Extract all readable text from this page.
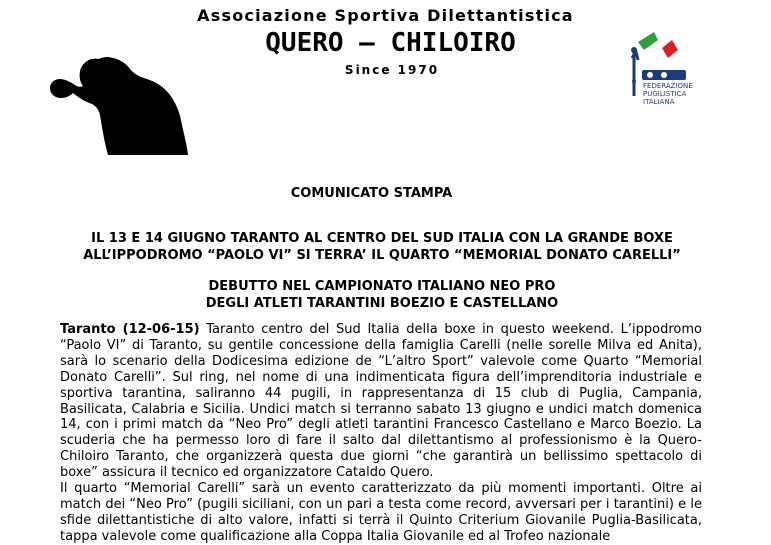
Associazione Sportiva Dilettantistica
QUERO – CHILOIRO
Since 1970
FEDERAZIONE
PUGILISTICA
ITALIANA
COMUNICATO STAMPA
IL 13 E 14 GIUGNO TARANTO AL CENTRO DEL SUD ITALIA CON LA GRANDE BOXE
ALL’IPPODROMO “PAOLO VI” SI TERRA’ IL QUARTO “MEMORIAL DONATO CARELLI”
DEBUTTO NEL CAMPIONATO ITALIANO NEO PRO
DEGLI ATLETI TARANTINI BOEZIO E CASTELLANO

Taranto (12-06-15) Taranto centro del Sud Italia della boxe in questo weekend. L’ippodromo “Paolo VI” di Taranto, su gentile concessione della famiglia Carelli (nelle sorelle Milva ed Anita), sarà lo scenario della Dodicesima edizione de “L’altro Sport” valevole come Quarto “Memorial Donato Carelli”. Sul ring, nel nome di una indimenticata figura dell’imprenditoria industriale e sportiva tarantina, saliranno 44 pugili, in rappresentanza di 15 club di Puglia, Campania, Basilicata, Calabria e Sicilia. Undici match si terranno sabato 13 giugno e undici match domenica 14, con i primi match da “Neo Pro” degli atleti tarantini Francesco Castellano e Marco Boezio. La scuderia che ha permesso loro di fare il salto dal dilettantismo al professionismo è la Quero-Chiloiro Taranto, che organizzerà questa due giorni “che garantirà un bellissimo spettacolo di boxe” assicura il tecnico ed organizzatore Cataldo Quero.

Il quarto “Memorial Carelli” sarà un evento caratterizzato da più momenti importanti. Oltre ai match dei “Neo Pro” (pugili siciliani, con un pari a testa come record, avversari per i tarantini) e le sfide dilettantistiche di alto valore, infatti si terrà il Quinto Criterium Giovanile Puglia-Basilicata, tappa valevole come qualificazione alla Coppa Italia Giovanile ed al Trofeo nazionale
